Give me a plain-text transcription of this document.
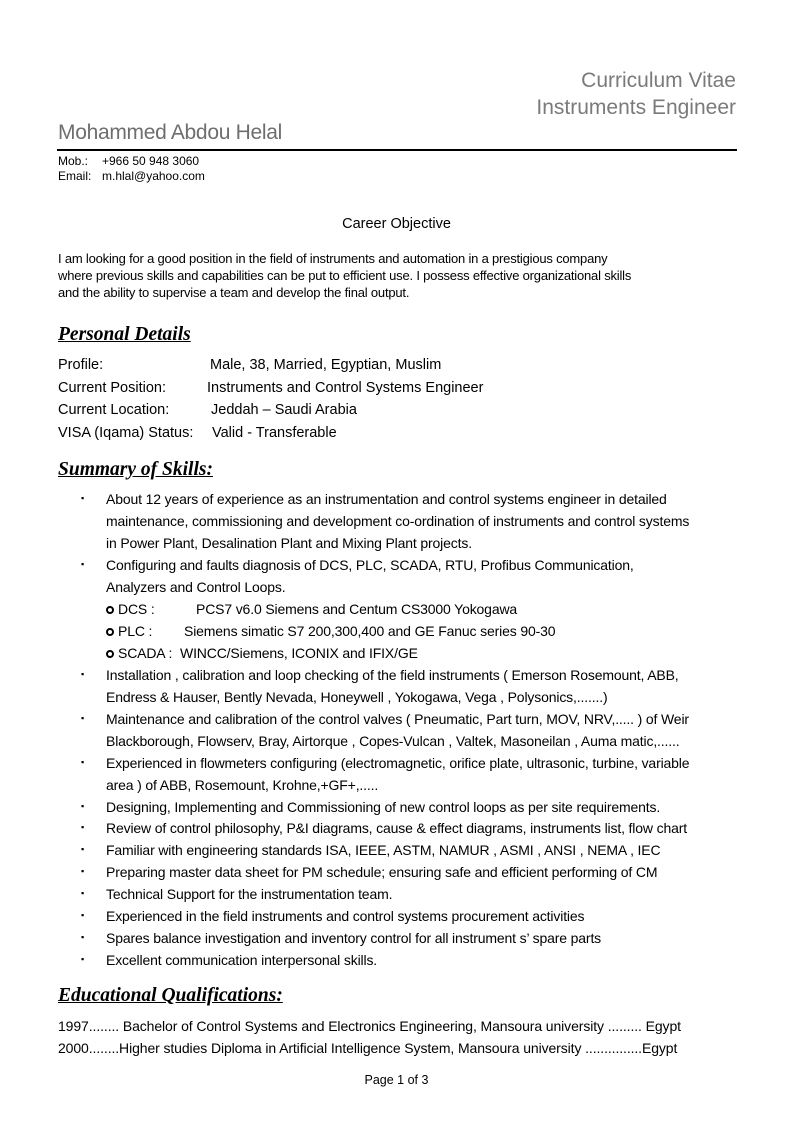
Curriculum Vitae
Instruments Engineer
Mohammed Abdou Helal
Mob.: +966 50 948 3060
Email: m.hlal@yahoo.com
Career Objective
I am looking for a good position in the field of instruments and automation in a prestigious company
where previous skills and capabilities can be put to efficient use. I possess effective organizational skills
and the ability to supervise a team and develop the final output.
Personal Details
Profile:	Male, 38, Married, Egyptian, Muslim
Current Position:	Instruments and Control Systems Engineer
Current Location:	Jeddah – Saudi Arabia
VISA (Iqama) Status: Valid - Transferable
Summary of Skills:
▪ About 12 years of experience as an instrumentation and control systems engineer in detailed
maintenance, commissioning and development co-ordination of instruments and control systems
in Power Plant, Desalination Plant and Mixing Plant projects.
▪ Configuring and faults diagnosis of DCS, PLC, SCADA, RTU, Profibus Communication,
Analyzers and Control Loops.
DCS :	PCS7 v6.0 Siemens and Centum CS3000 Yokogawa
PLC : Siemens simatic S7 200,300,400 and GE Fanuc series 90-30
SCADA : WINCC/Siemens, ICONIX and IFIX/GE
▪ Installation , calibration and loop checking of the field instruments ( Emerson Rosemount, ABB,
Endress & Hauser, Bently Nevada, Honeywell , Yokogawa, Vega , Polysonics,.......)
▪ Maintenance and calibration of the control valves ( Pneumatic, Part turn, MOV, NRV,..... ) of Weir
Blackborough, Flowserv, Bray, Airtorque , Copes-Vulcan , Valtek, Masoneilan , Auma matic,......
▪ Experienced in flowmeters configuring (electromagnetic, orifice plate, ultrasonic, turbine, variable
area ) of ABB, Rosemount, Krohne,+GF+,.....
▪ Designing, Implementing and Commissioning of new control loops as per site requirements.
▪ Review of control philosophy, P&I diagrams, cause & effect diagrams, instruments list, flow chart
▪ Familiar with engineering standards ISA, IEEE, ASTM, NAMUR , ASMI , ANSI , NEMA , IEC
▪ Preparing master data sheet for PM schedule; ensuring safe and efficient performing of CM
▪ Technical Support for the instrumentation team.
▪ Experienced in the field instruments and control systems procurement activities
▪ Spares balance investigation and inventory control for all instrument s’ spare parts
▪ Excellent communication interpersonal skills.
Educational Qualifications:
1997........ Bachelor of Control Systems and Electronics Engineering, Mansoura university ......... Egypt
2000........Higher studies Diploma in Artificial Intelligence System, Mansoura university ...............Egypt
Page 1 of 3
